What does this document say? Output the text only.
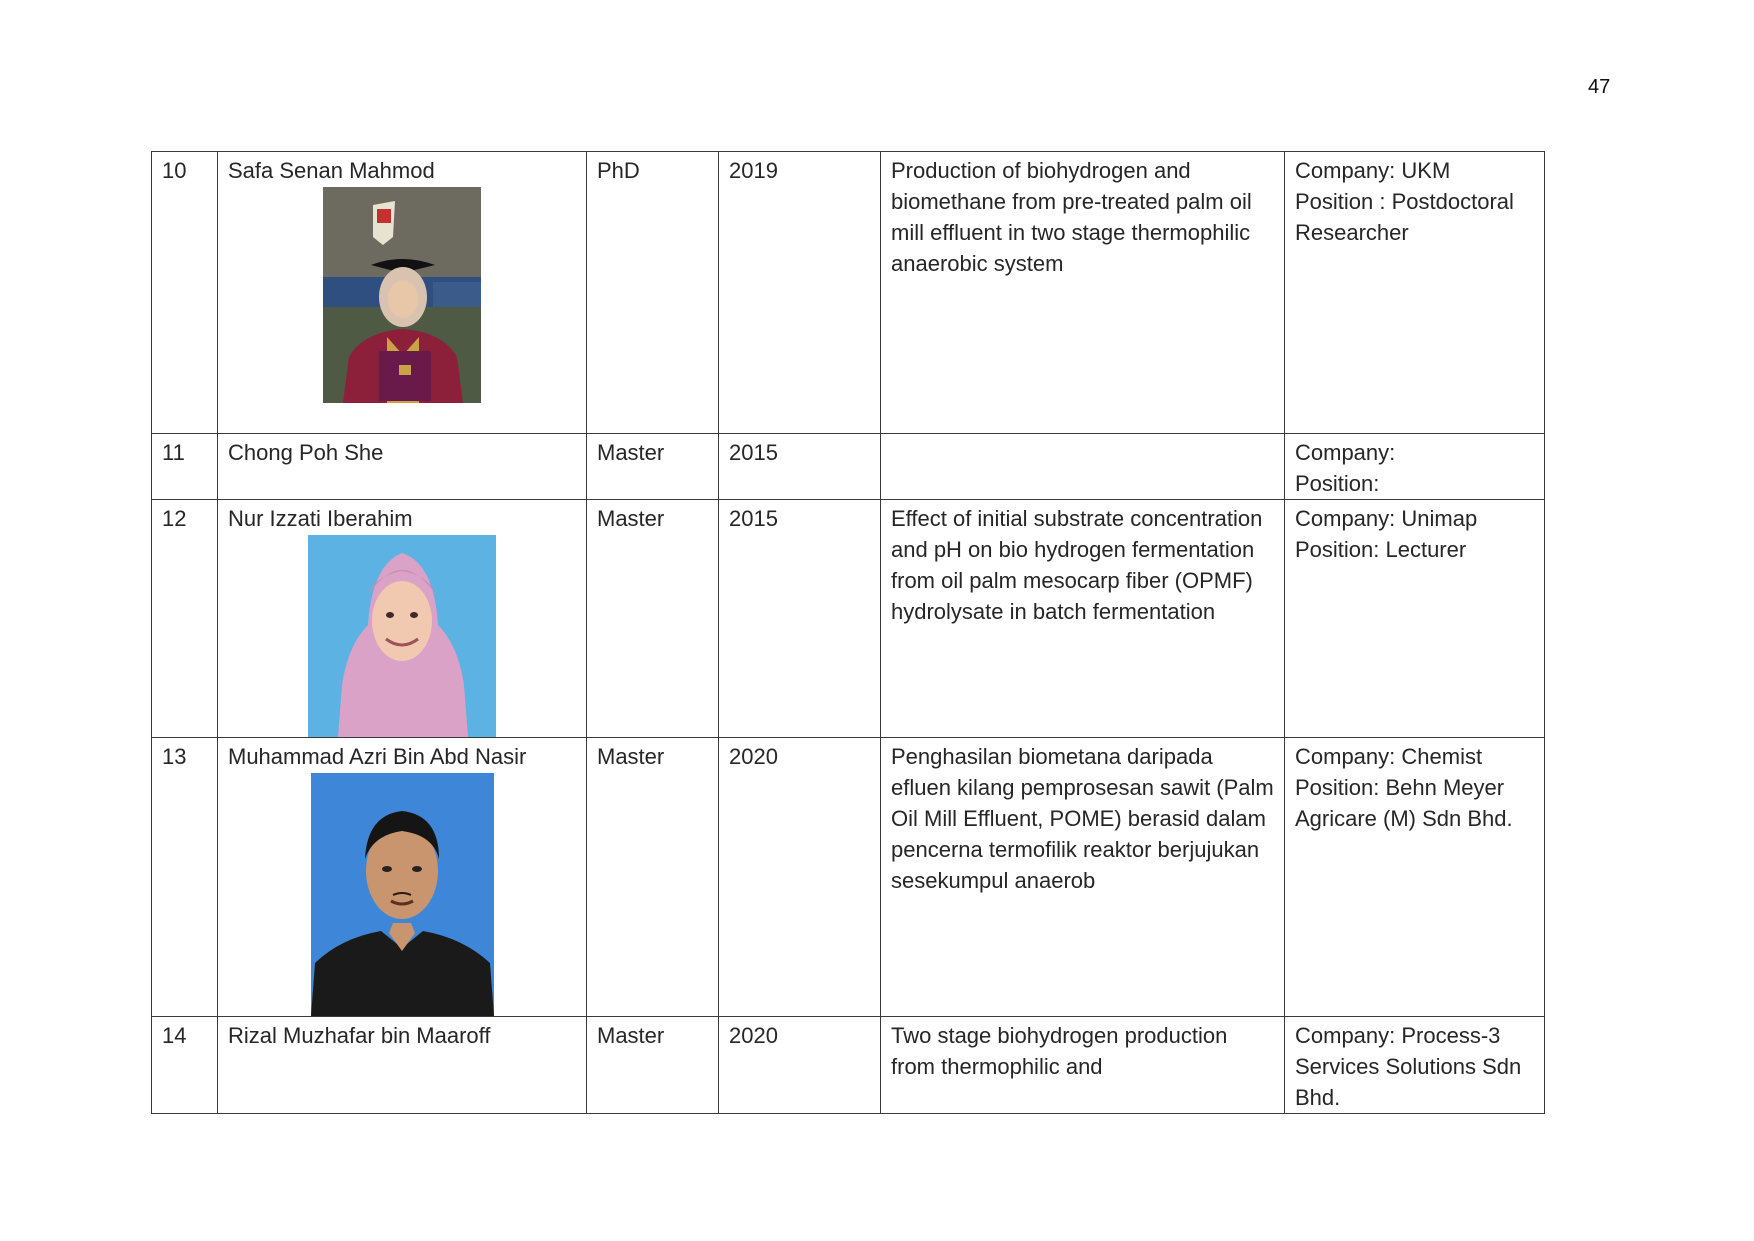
47
10	Safa Senan Mahmod	PhD	2019	Production of biohydrogen and biomethane from pre-treated palm oil mill effluent in two stage thermophilic anaerobic system	Company: UKM
Position : Postdoctoral Researcher

11	Chong Poh She	Master	2015		Company:
Position:

12	Nur Izzati Iberahim	Master	2015	Effect of initial substrate concentration and pH on bio hydrogen fermentation from oil palm mesocarp fiber (OPMF) hydrolysate in batch fermentation	Company: Unimap
Position: Lecturer

13	Muhammad Azri Bin Abd Nasir	Master	2020	Penghasilan biometana daripada efluen kilang pemprosesan sawit (Palm Oil Mill Effluent, POME) berasid dalam pencerna termofilik reaktor berjujukan sesekumpul anaerob	Company: Chemist
Position: Behn Meyer Agricare (M) Sdn Bhd.

14	Rizal Muzhafar bin Maaroff	Master	2020	Two stage biohydrogen production from thermophilic and	Company: Process-3 Services Solutions Sdn Bhd.
